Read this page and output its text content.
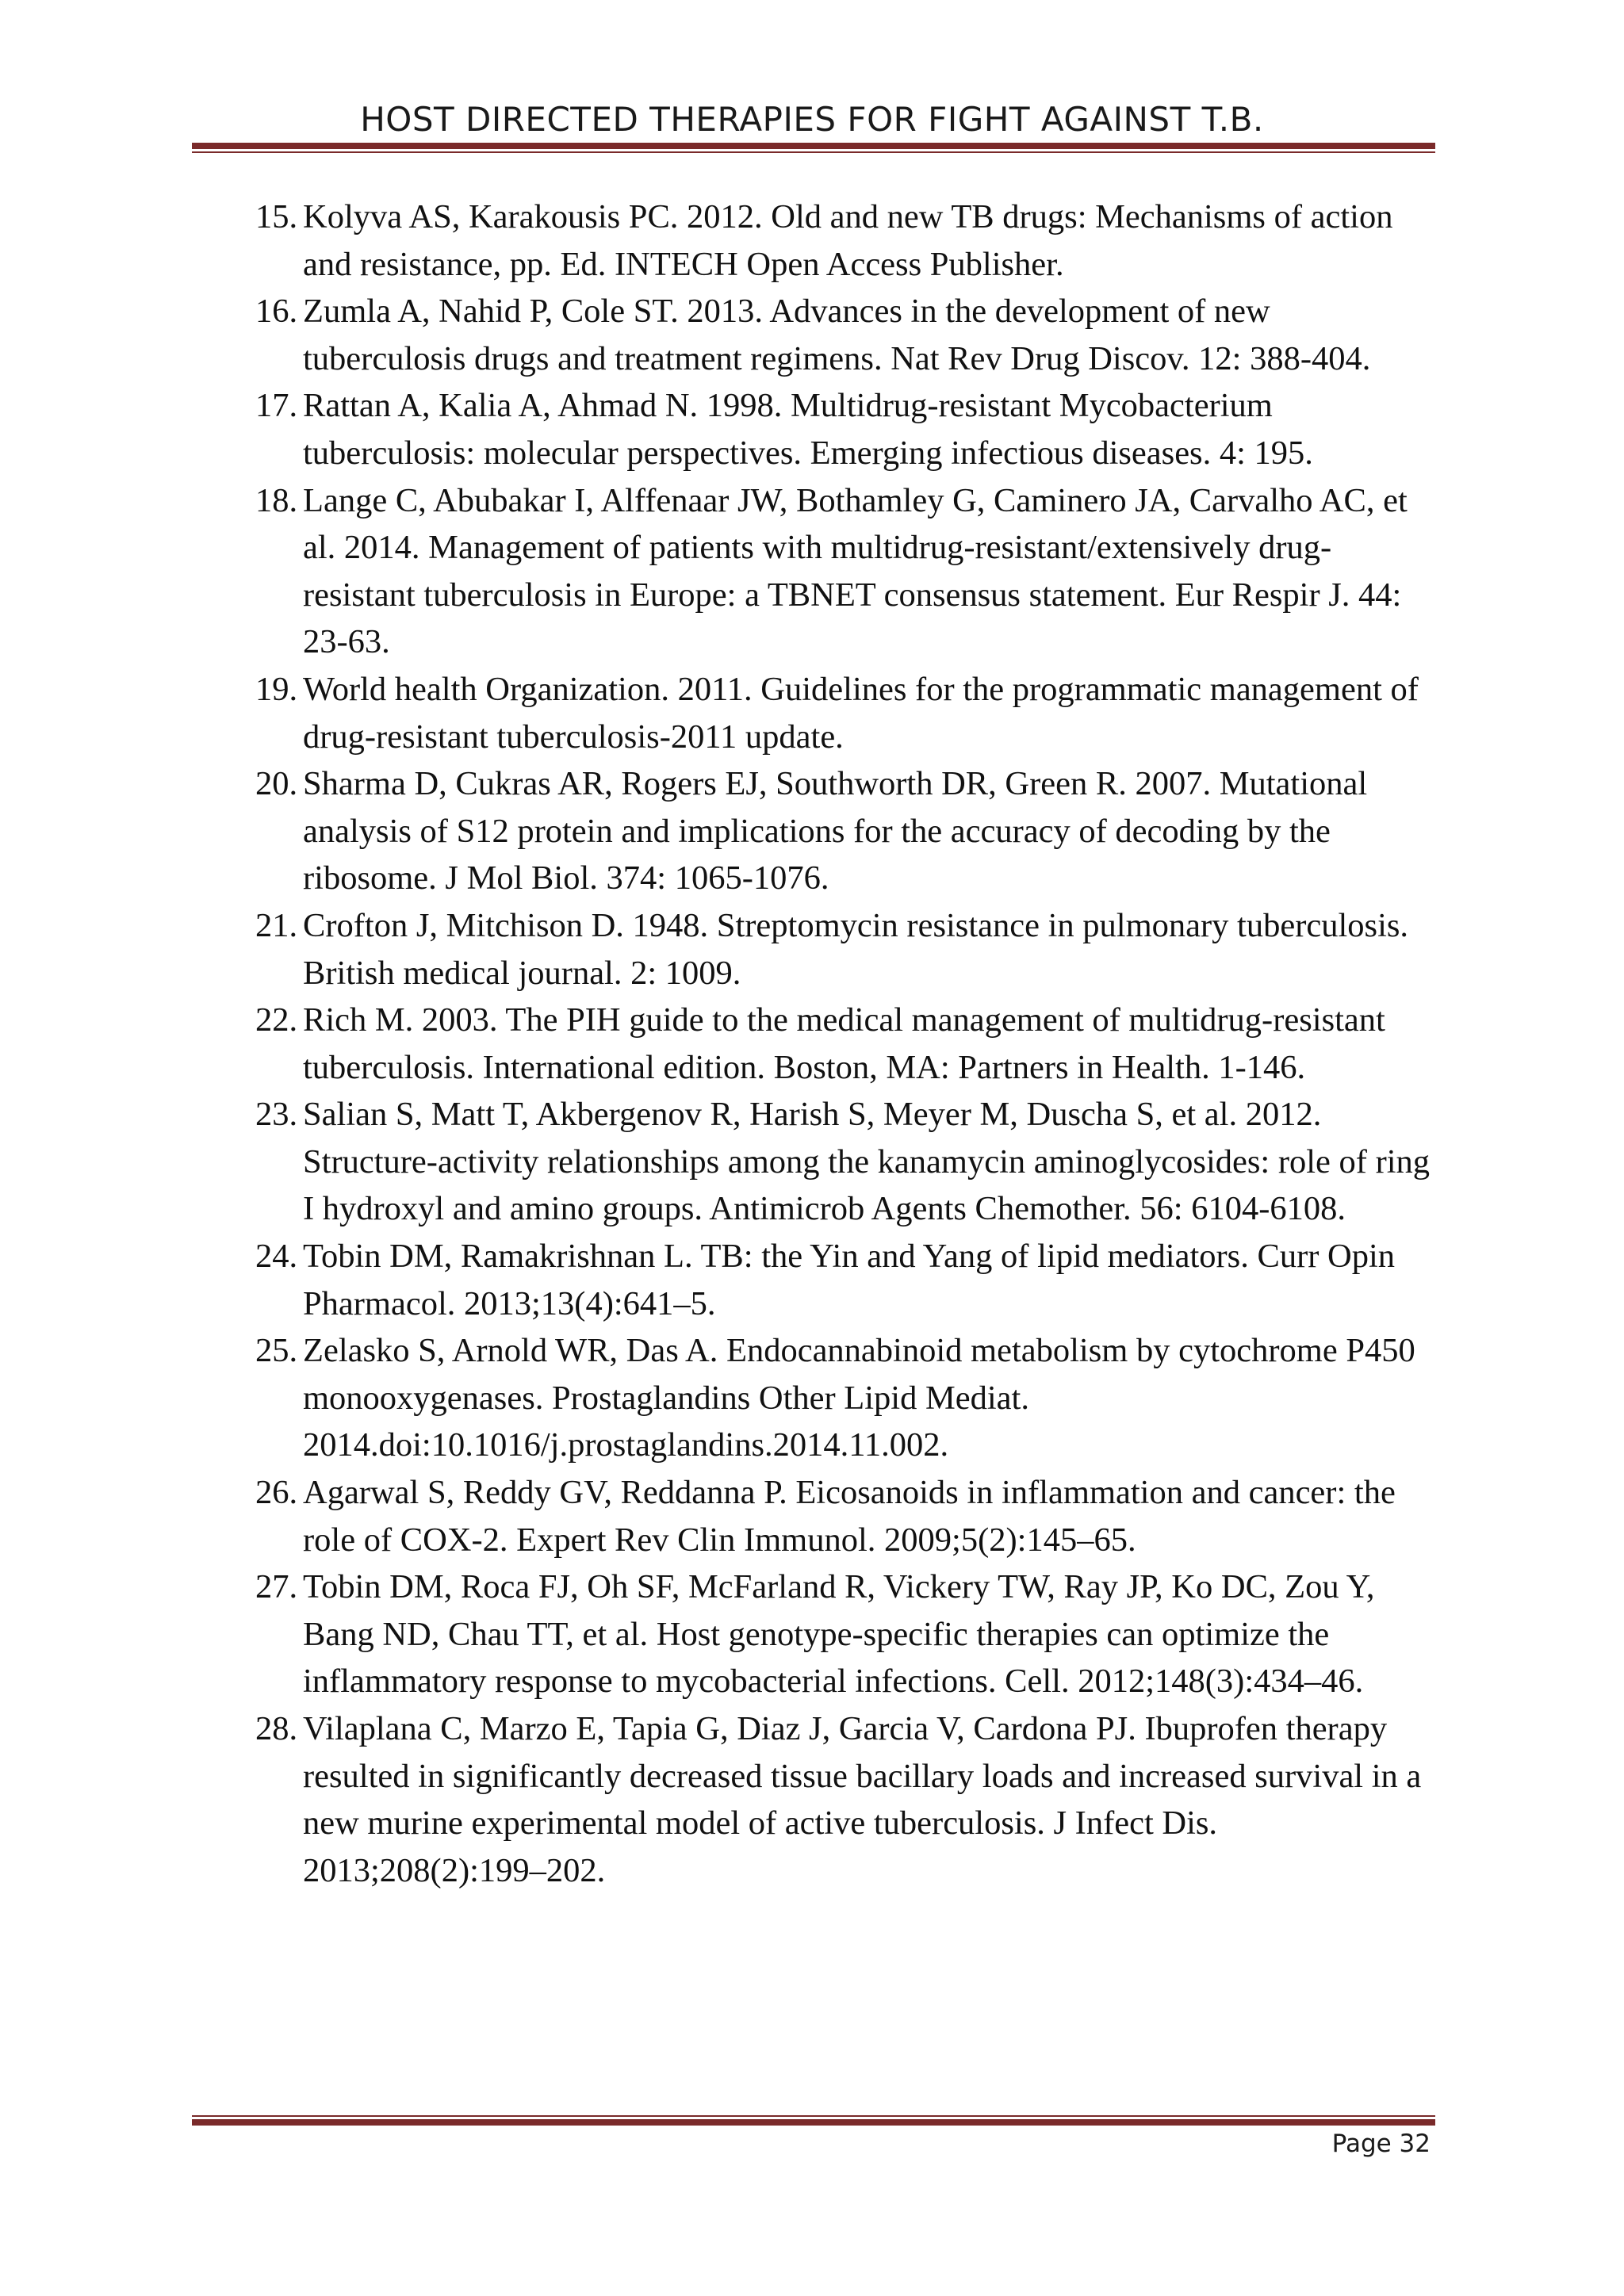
HOST DIRECTED THERAPIES FOR FIGHT AGAINST T.B.
15. Kolyva AS, Karakousis PC. 2012. Old and new TB drugs: Mechanisms of action and resistance, pp. Ed. INTECH Open Access Publisher.
16. Zumla A, Nahid P, Cole ST. 2013. Advances in the development of new tuberculosis drugs and treatment regimens. Nat Rev Drug Discov. 12: 388-404.
17. Rattan A, Kalia A, Ahmad N. 1998. Multidrug-resistant Mycobacterium tuberculosis: molecular perspectives. Emerging infectious diseases. 4: 195.
18. Lange C, Abubakar I, Alffenaar JW, Bothamley G, Caminero JA, Carvalho AC, et al. 2014. Management of patients with multidrug-resistant/extensively drug- resistant tuberculosis in Europe: a TBNET consensus statement. Eur Respir J. 44: 23-63.
19. World health Organization. 2011. Guidelines for the programmatic management of drug-resistant tuberculosis-2011 update.
20. Sharma D, Cukras AR, Rogers EJ, Southworth DR, Green R. 2007. Mutational analysis of S12 protein and implications for the accuracy of decoding by the ribosome. J Mol Biol. 374: 1065-1076.
21. Crofton J, Mitchison D. 1948. Streptomycin resistance in pulmonary tuberculosis. British medical journal. 2: 1009.
22. Rich M. 2003. The PIH guide to the medical management of multidrug-resistant tuberculosis. International edition. Boston, MA: Partners in Health. 1-146.
23. Salian S, Matt T, Akbergenov R, Harish S, Meyer M, Duscha S, et al. 2012. Structure-activity relationships among the kanamycin aminoglycosides: role of ring I hydroxyl and amino groups. Antimicrob Agents Chemother. 56: 6104-6108.
24. Tobin DM, Ramakrishnan L. TB: the Yin and Yang of lipid mediators. Curr Opin Pharmacol. 2013;13(4):641–5.
25. Zelasko S, Arnold WR, Das A. Endocannabinoid metabolism by cytochrome P450 monooxygenases. Prostaglandins Other Lipid Mediat. 2014.doi:10.1016/j.prostaglandins.2014.11.002.
26. Agarwal S, Reddy GV, Reddanna P. Eicosanoids in inflammation and cancer: the role of COX-2. Expert Rev Clin Immunol. 2009;5(2):145–65.
27. Tobin DM, Roca FJ, Oh SF, McFarland R, Vickery TW, Ray JP, Ko DC, Zou Y, Bang ND, Chau TT, et al. Host genotype-specific therapies can optimize the inflammatory response to mycobacterial infections. Cell. 2012;148(3):434–46.
28. Vilaplana C, Marzo E, Tapia G, Diaz J, Garcia V, Cardona PJ. Ibuprofen therapy resulted in significantly decreased tissue bacillary loads and increased survival in a new murine experimental model of active tuberculosis. J Infect Dis. 2013;208(2):199–202.
Page 32
